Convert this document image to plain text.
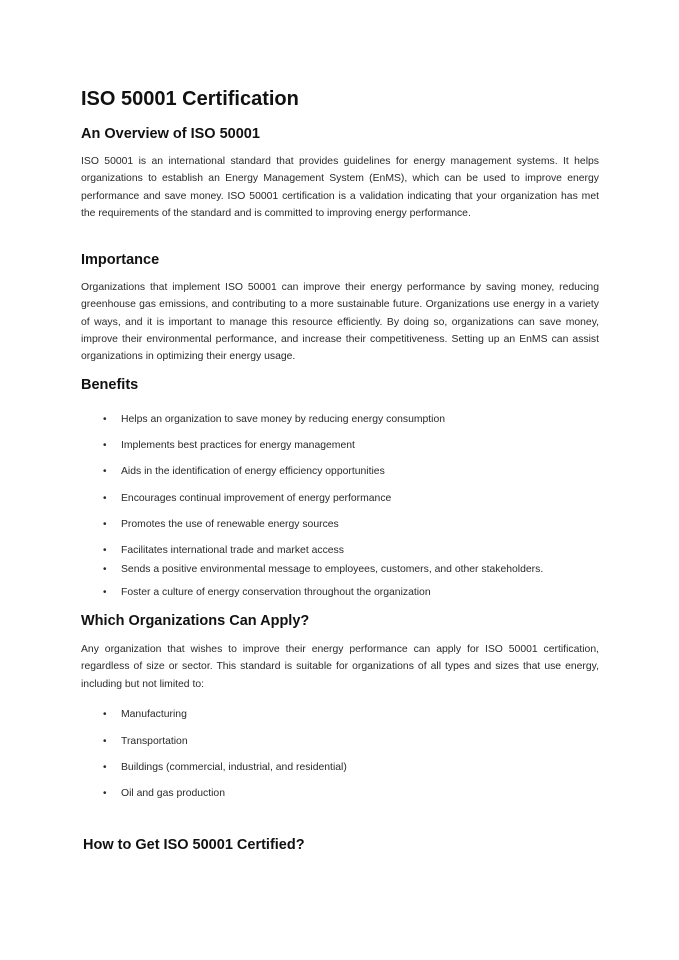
ISO 50001 Certification
An Overview of ISO 50001

ISO 50001 is an international standard that provides guidelines for energy management systems. It helps organizations to establish an Energy Management System (EnMS), which can be used to improve energy performance and save money. ISO 50001 certification is a validation indicating that your organization has met the requirements of the standard and is committed to improving energy performance.

Importance

Organizations that implement ISO 50001 can improve their energy performance by saving money, reducing greenhouse gas emissions, and contributing to a more sustainable future. Organizations use energy in a variety of ways, and it is important to manage this resource efficiently. By doing so, organizations can save money, improve their environmental performance, and increase their competitiveness. Setting up an EnMS can assist organizations in optimizing their energy usage.

Benefits
• Helps an organization to save money by reducing energy consumption
• Implements best practices for energy management
• Aids in the identification of energy efficiency opportunities
• Encourages continual improvement of energy performance
• Promotes the use of renewable energy sources
• Facilitates international trade and market access
• Sends a positive environmental message to employees, customers, and other stakeholders.
• Foster a culture of energy conservation throughout the organization
Which Organizations Can Apply?

Any organization that wishes to improve their energy performance can apply for ISO 50001 certification, regardless of size or sector. This standard is suitable for organizations of all types and sizes that use energy, including but not limited to:

• Manufacturing
• Transportation
• Buildings (commercial, industrial, and residential)
• Oil and gas production
How to Get ISO 50001 Certified?
